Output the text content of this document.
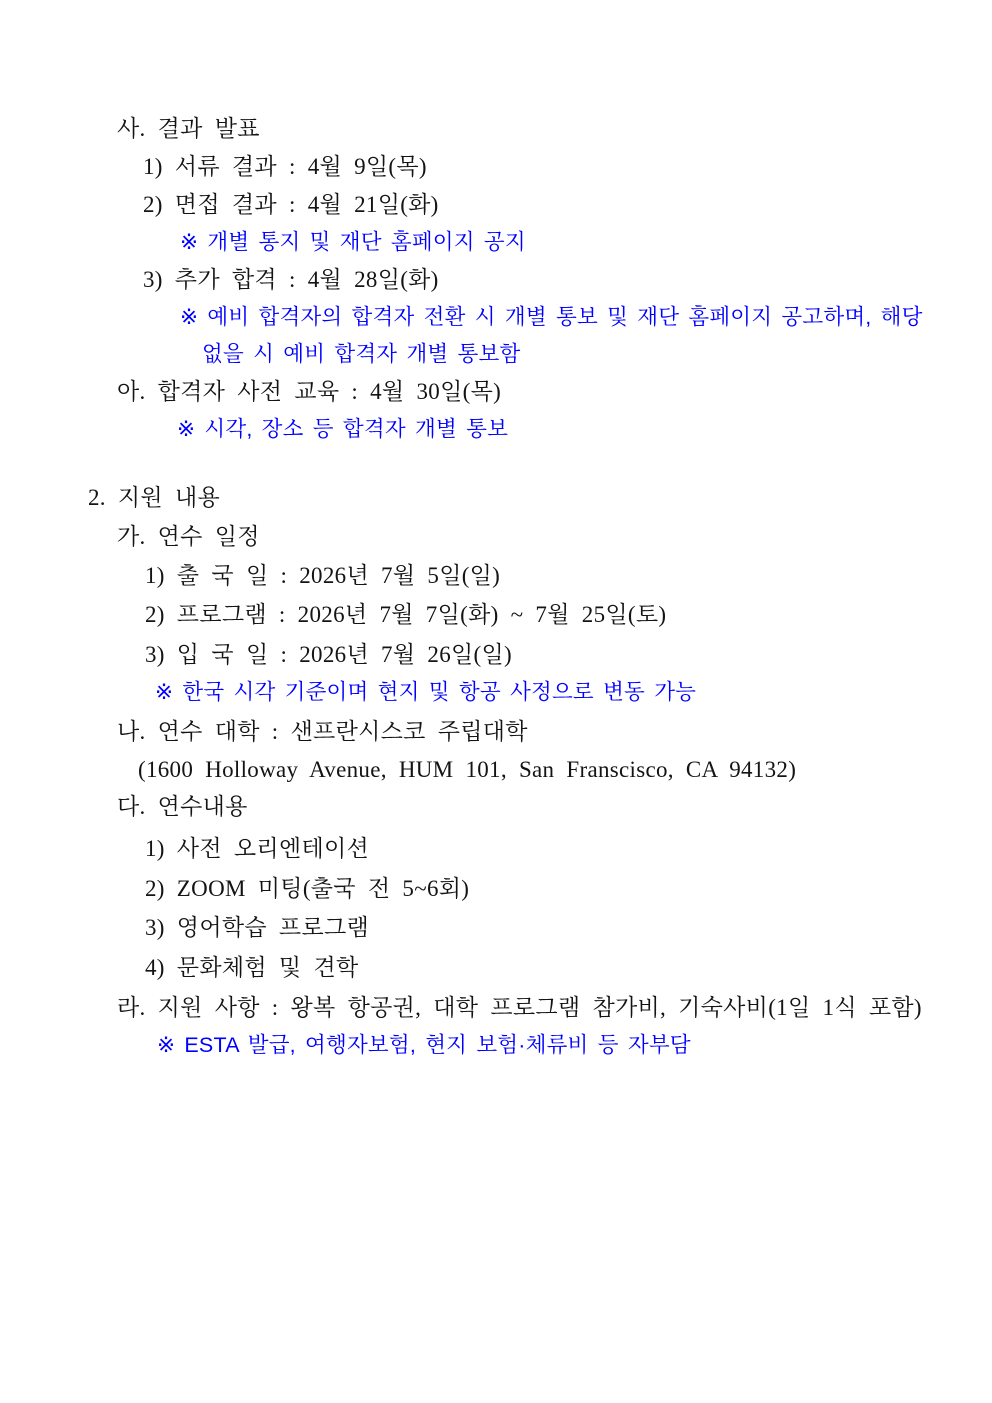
사. 결과 발표
1) 서류 결과 : 4월 9일(목)
2) 면접 결과 : 4월 21일(화)
※ 개별 통지 및 재단 홈페이지 공지
3) 추가 합격 : 4월 28일(화)
※ 예비 합격자의 합격자 전환 시 개별 통보 및 재단 홈페이지 공고하며, 해당
없을 시 예비 합격자 개별 통보함
아. 합격자 사전 교육 : 4월 30일(목)
※ 시각, 장소 등 합격자 개별 통보
2. 지원 내용
가. 연수 일정
1) 출 국 일 : 2026년 7월 5일(일)
2) 프로그램 : 2026년 7월 7일(화) ~ 7월 25일(토)
3) 입 국 일 : 2026년 7월 26일(일)
※ 한국 시각 기준이며 현지 및 항공 사정으로 변동 가능
나. 연수 대학 : 샌프란시스코 주립대학
(1600 Holloway Avenue, HUM 101, San Franscisco, CA 94132)
다. 연수내용
1) 사전 오리엔테이션
2) ZOOM 미팅(출국 전 5~6회)
3) 영어학습 프로그램
4) 문화체험 및 견학
라. 지원 사항 : 왕복 항공권, 대학 프로그램 참가비, 기숙사비(1일 1식 포함)
※ ESTA 발급, 여행자보험, 현지 보험·체류비 등 자부담
